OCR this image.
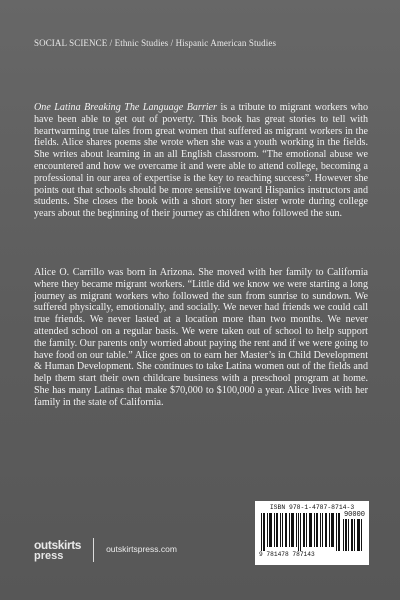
SOCIAL SCIENCE / Ethnic Studies / Hispanic American Studies
One Latina Breaking The Language Barrier is a tribute to migrant workers who have been able to get out of poverty. This book has great stories to tell with heartwarming true tales from great women that suffered as migrant workers in the fields. Alice shares poems she wrote when she was a youth working in the fields. She writes about learning in an all English classroom. “The emotional abuse we encountered and how we overcame it and were able to attend college, becoming a professional in our area of expertise is the key to reaching success”. However she points out that schools should be more sensitive toward Hispanics instructors and students. She closes the book with a short story her sister wrote during college years about the beginning of their journey as children who followed the sun.
Alice O. Carrillo was born in Arizona. She moved with her family to California where they became migrant workers. “Little did we know we were starting a long journey as migrant workers who followed the sun from sunrise to sundown. We suffered physically, emotionally, and socially. We never had friends we could call true friends. We never lasted at a location more than two months. We never attended school on a regular basis. We were taken out of school to help support the family. Our parents only worried about paying the rent and if we were going to have food on our table.” Alice goes on to earn her Master’s in Child Development & Human Development. She continues to take Latina women out of the fields and help them start their own childcare business with a preschool program at home. She has many Latinas that make $70,000 to $100,000 a year. Alice lives with her family in the state of California.
ISBN 978-1-4787-8714-3
90000
9 781478 787143
outskirts
press
outskirtspress.com
